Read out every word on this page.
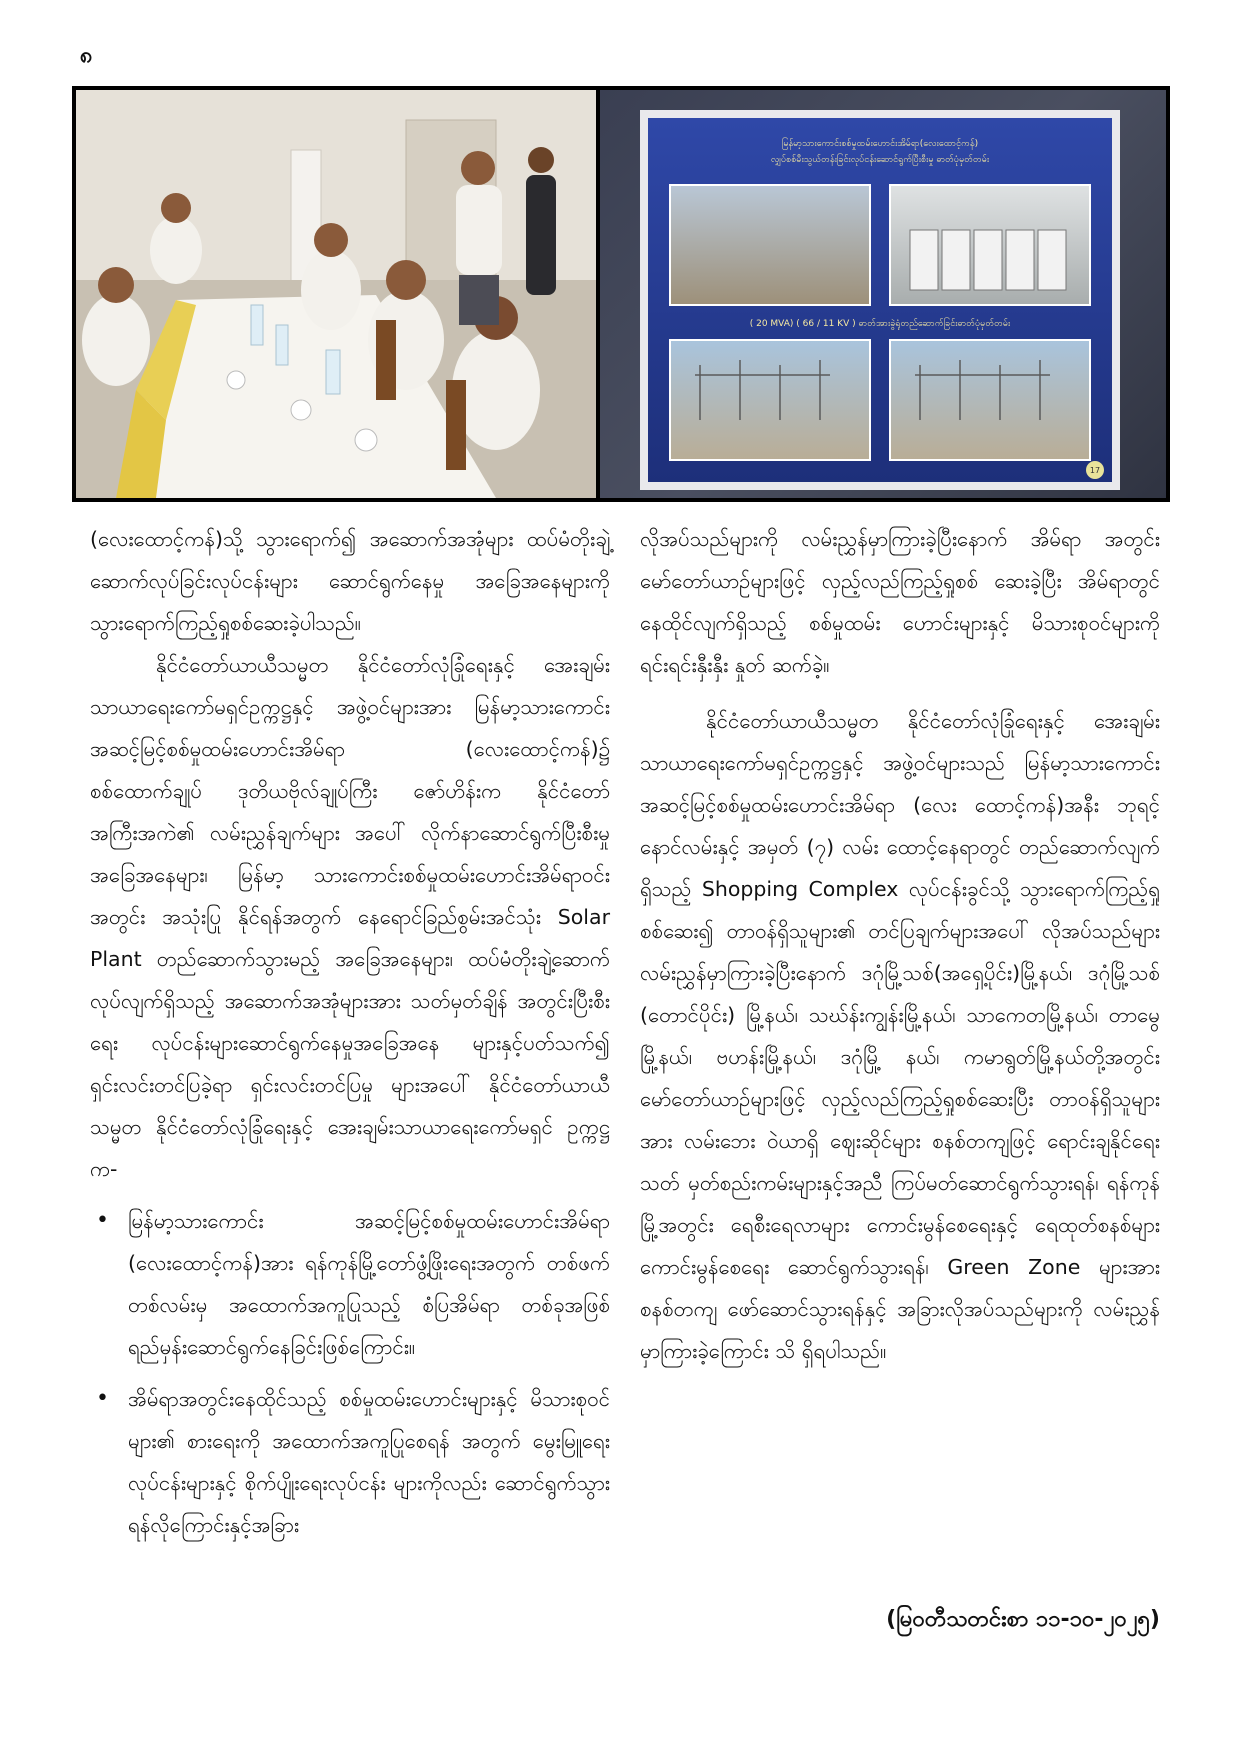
၈
မြန်မာ့သားကောင်းစစ်မှုထမ်းဟောင်းအိမ်ရာ(လေးထောင့်ကန်)
လျှပ်စစ်မီးသွယ်တန်းခြင်းလုပ်ငန်းဆောင်ရွက်ပြီးစီးမှု ဓာတ်ပုံမှတ်တမ်း
( 20 MVA) ( 66 / 11 KV ) ဓာတ်အားခွဲရုံတည်ဆောက်ခြင်းဓာတ်ပုံမှတ်တမ်း
17

(လေးထောင့်ကန်)သို့ သွားရောက်၍ အဆောက်အအုံများ ထပ်မံတိုးချဲ့ဆောက်လုပ်ခြင်းလုပ်ငန်းများ ဆောင်ရွက်နေမှု အခြေအနေများကို သွားရောက်ကြည့်ရှုစစ်ဆေးခဲ့ပါသည်။

နိုင်ငံတော်ယာယီသမ္မတ နိုင်ငံတော်လုံခြုံရေးနှင့် အေးချမ်းသာယာရေးကော်မရှင်ဥက္ကဋ္ဌနှင့် အဖွဲ့ဝင်များအား မြန်မာ့သားကောင်း အဆင့်မြင့်စစ်မှုထမ်းဟောင်းအိမ်ရာ (လေးထောင့်ကန်)၌ စစ်ထောက်ချုပ် ဒုတိယဗိုလ်ချုပ်ကြီး ဇော်ဟိန်းက နိုင်ငံတော်အကြီးအကဲ၏ လမ်းညွှန်ချက်များ အပေါ် လိုက်နာဆောင်ရွက်ပြီးစီးမှုအခြေအနေများ၊ မြန်မာ့ သားကောင်းစစ်မှုထမ်းဟောင်းအိမ်ရာဝင်းအတွင်း အသုံးပြု နိုင်ရန်အတွက် နေရောင်ခြည်စွမ်းအင်သုံး Solar Plant တည်ဆောက်သွားမည့် အခြေအနေများ၊ ထပ်မံတိုးချဲ့ဆောက် လုပ်လျက်ရှိသည့် အဆောက်အအုံများအား သတ်မှတ်ချိန် အတွင်းပြီးစီးရေး လုပ်ငန်းများဆောင်ရွက်နေမှုအခြေအနေ များနှင့်ပတ်သက်၍ ရှင်းလင်းတင်ပြခဲ့ရာ ရှင်းလင်းတင်ပြမှု များအပေါ် နိုင်ငံတော်ယာယီသမ္မတ နိုင်ငံတော်လုံခြုံရေးနှင့် အေးချမ်းသာယာရေးကော်မရှင် ဥက္ကဋ္ဌက-

• မြန်မာ့သားကောင်း အဆင့်မြင့်စစ်မှုထမ်းဟောင်းအိမ်ရာ (လေးထောင့်ကန်)အား ရန်ကုန်မြို့တော်ဖွံ့ဖြိုးရေးအတွက် တစ်ဖက်တစ်လမ်းမှ အထောက်အကူပြုသည့် စံပြအိမ်ရာ တစ်ခုအဖြစ် ရည်မှန်းဆောင်ရွက်နေခြင်းဖြစ်ကြောင်း။
• အိမ်ရာအတွင်းနေထိုင်သည့် စစ်မှုထမ်းဟောင်းများနှင့် မိသားစုဝင်များ၏ စားရေးကို အထောက်အကူပြုစေရန် အတွက် မွေးမြူရေးလုပ်ငန်းများနှင့် စိုက်ပျိုးရေးလုပ်ငန်း များကိုလည်း ဆောင်ရွက်သွားရန်လိုကြောင်းနှင့်အခြား

လိုအပ်သည်များကို လမ်းညွှန်မှာကြားခဲ့ပြီးနောက် အိမ်ရာ အတွင်း မော်တော်ယာဉ်များဖြင့် လှည့်လည်ကြည့်ရှုစစ် ဆေးခဲ့ပြီး အိမ်ရာတွင်နေထိုင်လျက်ရှိသည့် စစ်မှုထမ်း ဟောင်းများနှင့် မိသားစုဝင်များကို ရင်းရင်းနှီးနှီး နှုတ် ဆက်ခဲ့။

နိုင်ငံတော်ယာယီသမ္မတ နိုင်ငံတော်လုံခြုံရေးနှင့် အေးချမ်းသာယာရေးကော်မရှင်ဥက္ကဋ္ဌနှင့် အဖွဲ့ဝင်များသည် မြန်မာ့သားကောင်းအဆင့်မြင့်စစ်မှုထမ်းဟောင်းအိမ်ရာ (လေး ထောင့်ကန်)အနီး ဘုရင့်နောင်လမ်းနှင့် အမှတ် (၇) လမ်း ထောင့်နေရာတွင် တည်ဆောက်လျက်ရှိသည့် Shopping Complex လုပ်ငန်းခွင်သို့ သွားရောက်ကြည့်ရှုစစ်ဆေး၍ တာဝန်ရှိသူများ၏ တင်ပြချက်များအပေါ် လိုအပ်သည်များ လမ်းညွှန်မှာကြားခဲ့ပြီးနောက် ဒဂုံမြို့သစ်(အရှေ့ပိုင်း)မြို့နယ်၊ ဒဂုံမြို့သစ် (တောင်ပိုင်း) မြို့နယ်၊ သဃ်န်းကျွန်းမြို့နယ်၊ သာကေတမြို့နယ်၊ တာမွေမြို့နယ်၊ ဗဟန်းမြို့နယ်၊ ဒဂုံမြို့ နယ်၊ ကမာရွတ်မြို့နယ်တို့အတွင်း မော်တော်ယာဉ်များဖြင့် လှည့်လည်ကြည့်ရှုစစ်ဆေးပြီး တာဝန်ရှိသူများအား လမ်းဘေး ဝဲယာရှိ ဈေးဆိုင်များ စနစ်တကျဖြင့် ရောင်းချနိုင်ရေး သတ် မှတ်စည်းကမ်းများနှင့်အညီ ကြပ်မတ်ဆောင်ရွက်သွားရန်၊ ရန်ကုန်မြို့အတွင်း ရေစီးရေလာများ ကောင်းမွန်စေရေးနှင့် ရေထုတ်စနစ်များ ကောင်းမွန်စေရေး ဆောင်ရွက်သွားရန်၊ Green Zone များအား စနစ်တကျ ဖော်ဆောင်သွားရန်နှင့် အခြားလိုအပ်သည်များကို လမ်းညွှန်မှာကြားခဲ့ကြောင်း သိ ရှိရပါသည်။

(မြဝတီသတင်းစာ ၁၁-၁၀-၂၀၂၅)
